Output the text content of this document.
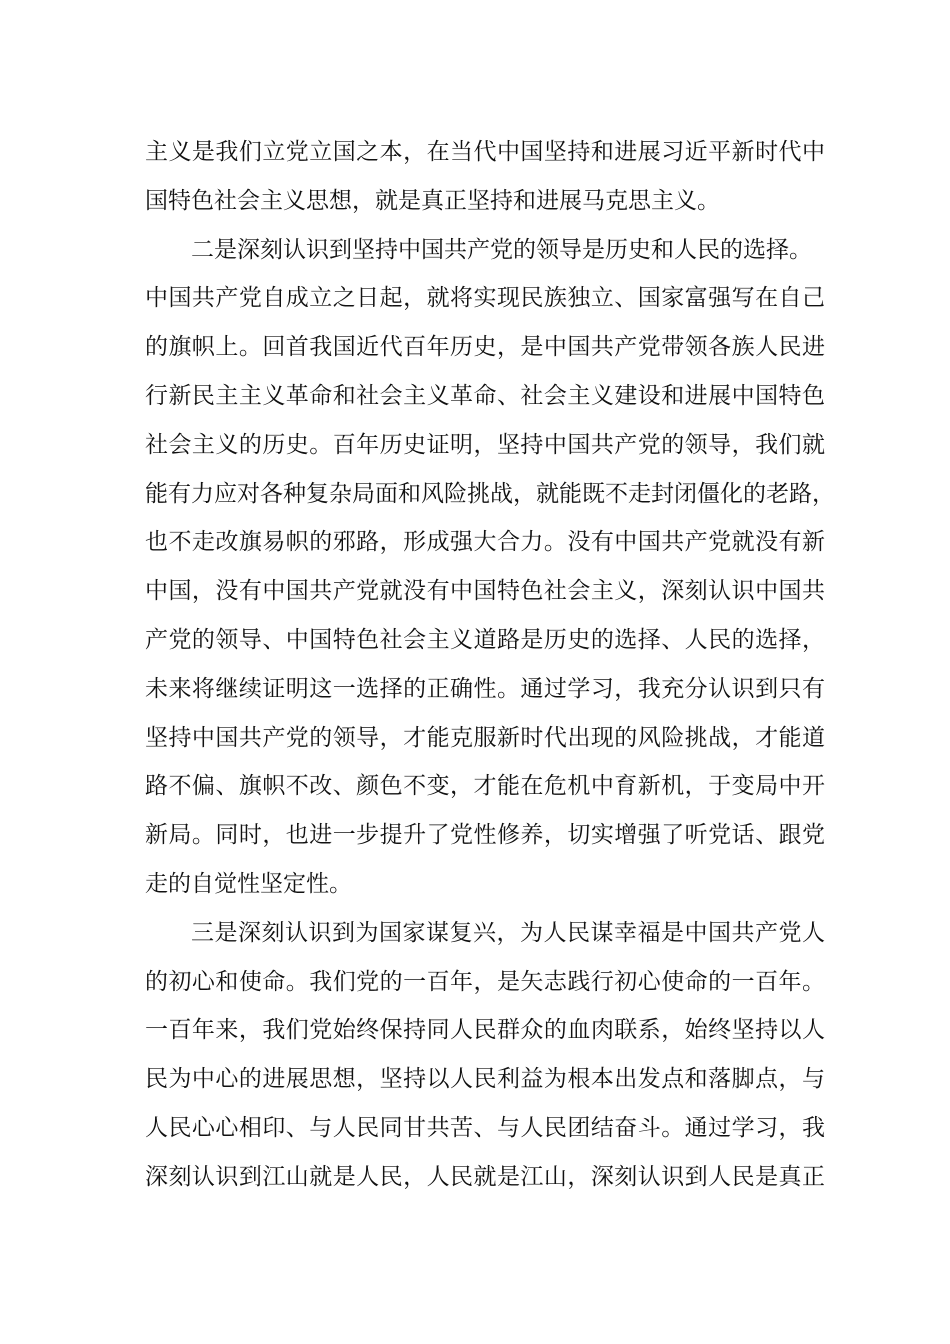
主义是我们立党立国之本，在当代中国坚持和进展习近平新时代中
国特色社会主义思想，就是真正坚持和进展马克思主义。
二是深刻认识到坚持中国共产党的领导是历史和人民的选择。
中国共产党自成立之日起，就将实现民族独立、国家富强写在自己
的旗帜上。回首我国近代百年历史，是中国共产党带领各族人民进
行新民主主义革命和社会主义革命、社会主义建设和进展中国特色
社会主义的历史。百年历史证明，坚持中国共产党的领导，我们就
能有力应对各种复杂局面和风险挑战，就能既不走封闭僵化的老路，
也不走改旗易帜的邪路，形成强大合力。没有中国共产党就没有新
中国，没有中国共产党就没有中国特色社会主义，深刻认识中国共
产党的领导、中国特色社会主义道路是历史的选择、人民的选择，
未来将继续证明这一选择的正确性。通过学习，我充分认识到只有
坚持中国共产党的领导，才能克服新时代出现的风险挑战，才能道
路不偏、旗帜不改、颜色不变，才能在危机中育新机，于变局中开
新局。同时，也进一步提升了党性修养，切实增强了听党话、跟党
走的自觉性坚定性。
三是深刻认识到为国家谋复兴，为人民谋幸福是中国共产党人
的初心和使命。我们党的一百年，是矢志践行初心使命的一百年。
一百年来，我们党始终保持同人民群众的血肉联系，始终坚持以人
民为中心的进展思想，坚持以人民利益为根本出发点和落脚点，与
人民心心相印、与人民同甘共苦、与人民团结奋斗。通过学习，我
深刻认识到江山就是人民，人民就是江山，深刻认识到人民是真正
